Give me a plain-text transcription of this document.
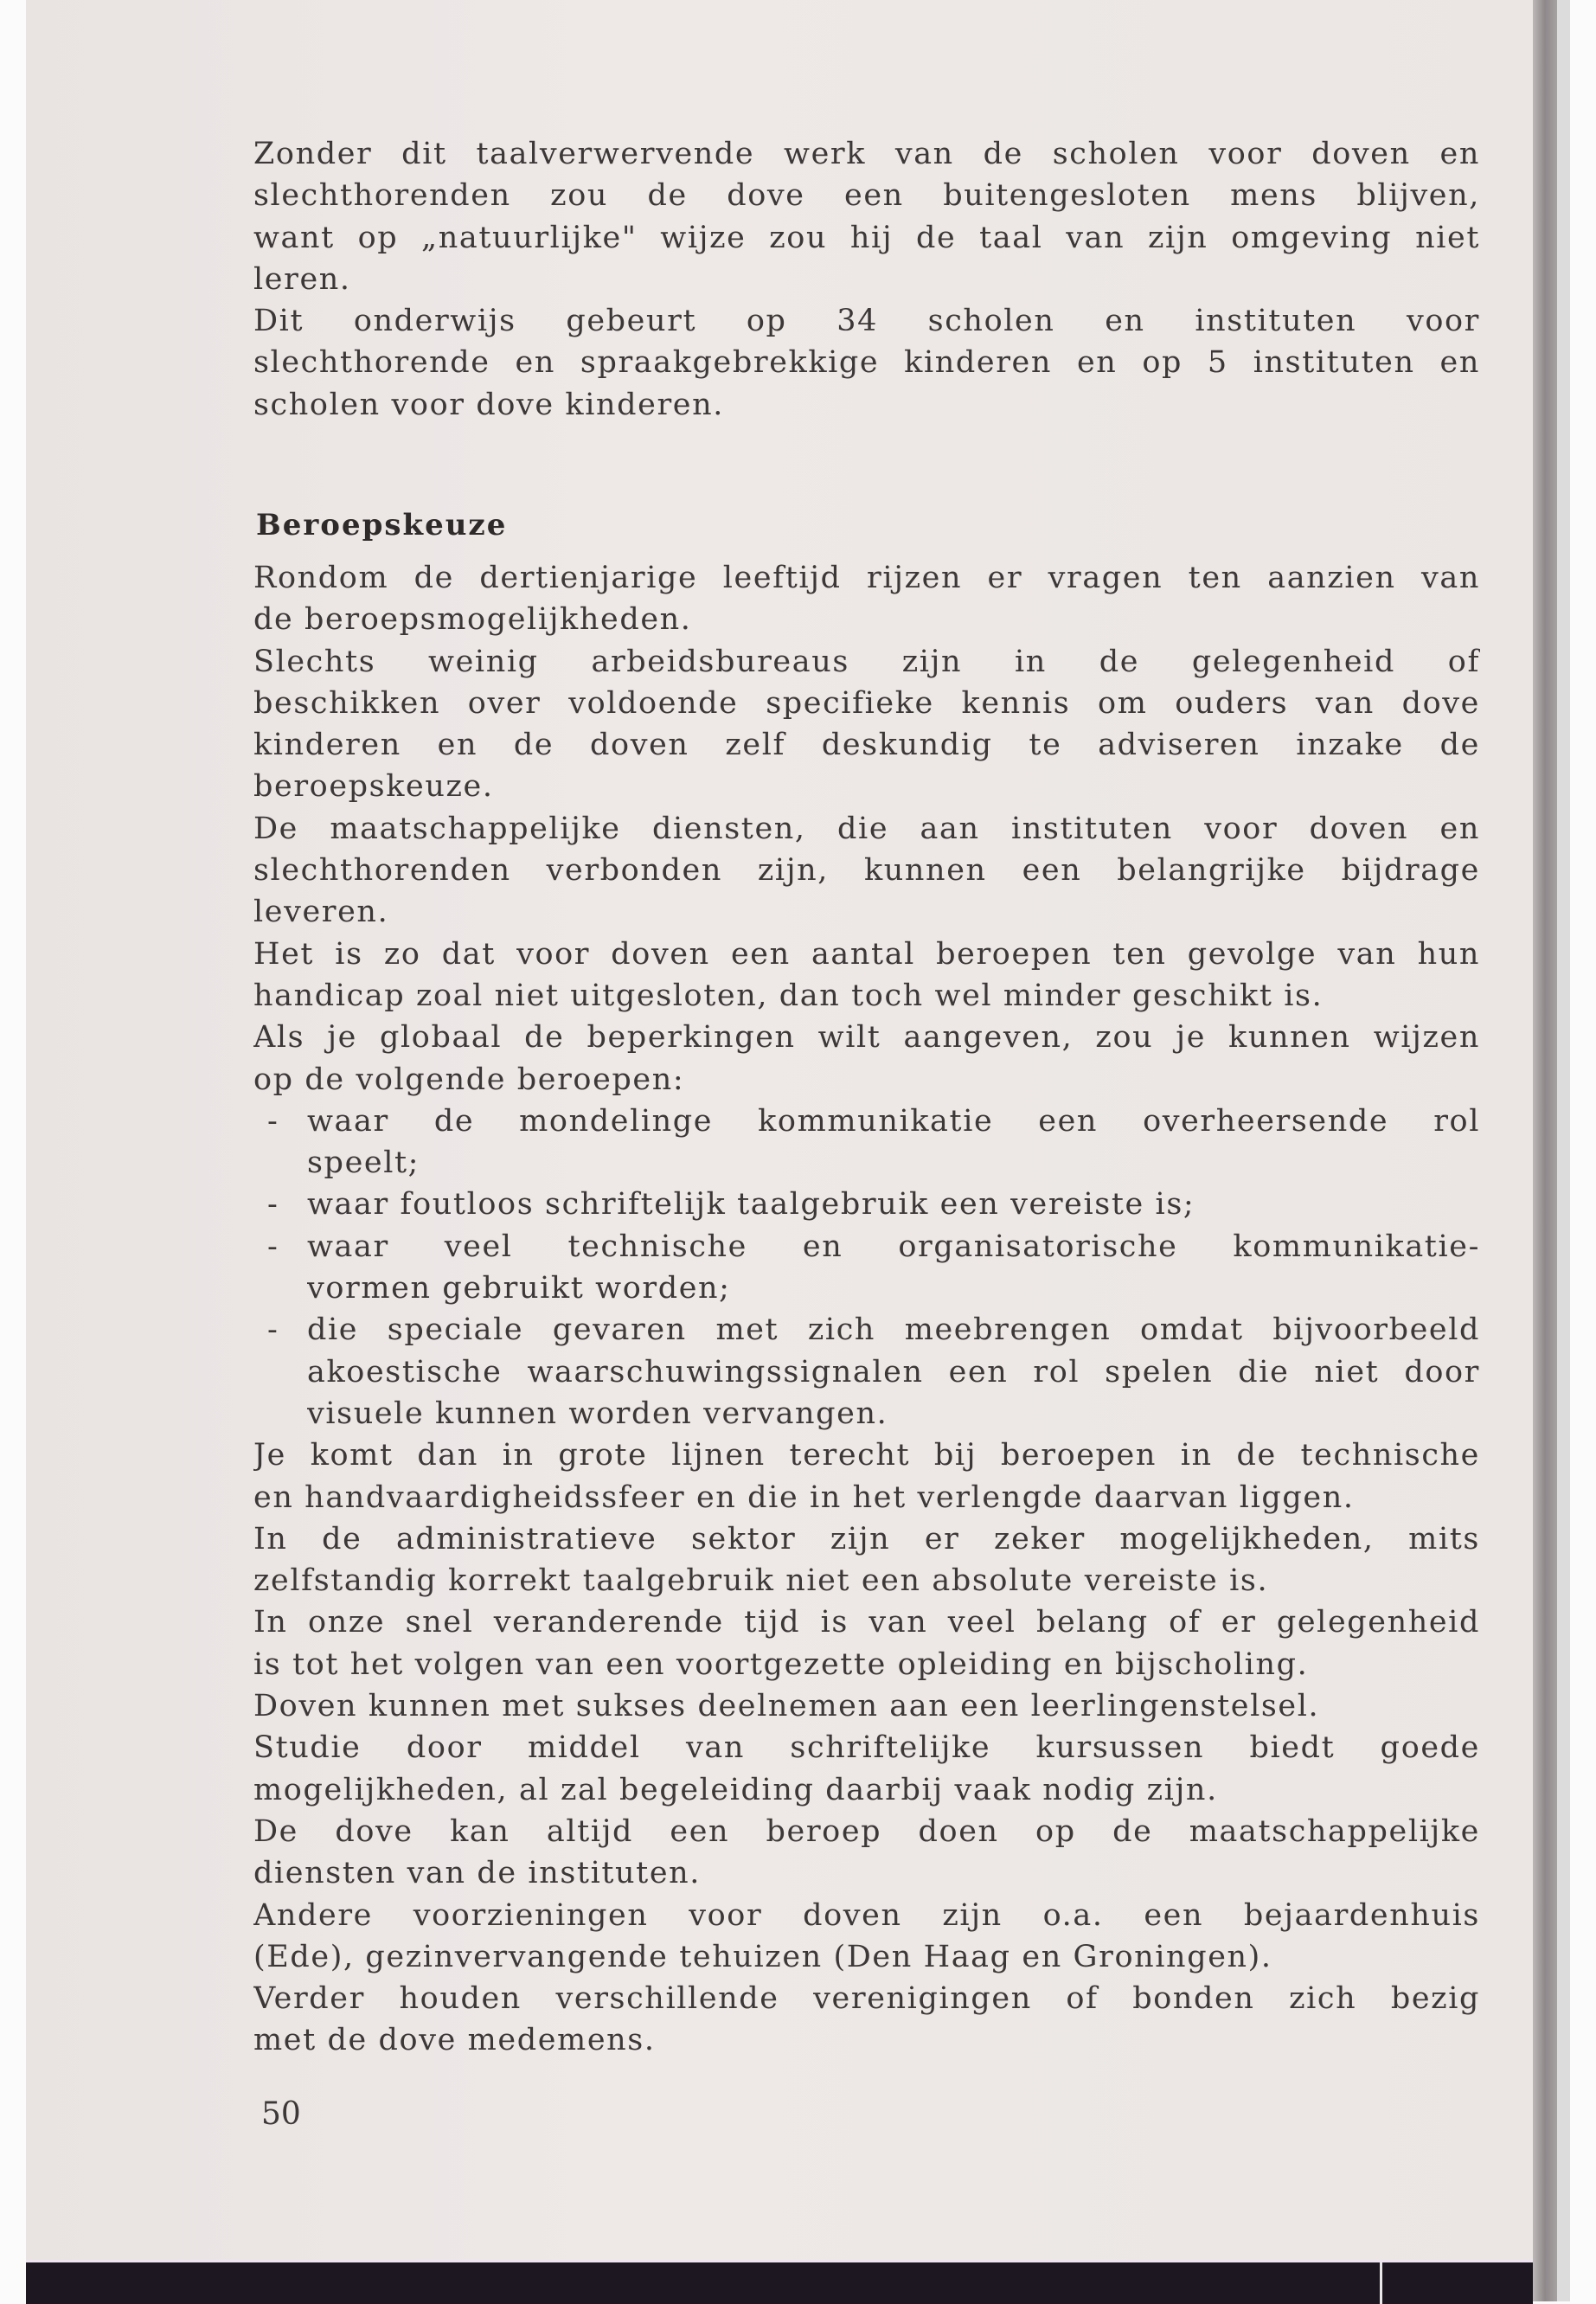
Zonder dit taalverwervende werk van de scholen voor doven en
slechthorenden zou de dove een buitengesloten mens blijven,
want op „natuurlijke" wijze zou hij de taal van zijn omgeving niet
leren.
Dit onderwijs gebeurt op 34 scholen en instituten voor
slechthorende en spraakgebrekkige kinderen en op 5 instituten en
scholen voor dove kinderen.
Beroepskeuze
Rondom de dertienjarige leeftijd rijzen er vragen ten aanzien van
de beroepsmogelijkheden.
Slechts weinig arbeidsbureaus zijn in de gelegenheid of
beschikken over voldoende specifieke kennis om ouders van dove
kinderen en de doven zelf deskundig te adviseren inzake de
beroepskeuze.
De maatschappelijke diensten, die aan instituten voor doven en
slechthorenden verbonden zijn, kunnen een belangrijke bijdrage
leveren.
Het is zo dat voor doven een aantal beroepen ten gevolge van hun
handicap zoal niet uitgesloten, dan toch wel minder geschikt is.
Als je globaal de beperkingen wilt aangeven, zou je kunnen wijzen
op de volgende beroepen:
- waar de mondelinge kommunikatie een overheersende rol
speelt;
- waar foutloos schriftelijk taalgebruik een vereiste is;
- waar veel technische en organisatorische kommunikatie-
vormen gebruikt worden;
- die speciale gevaren met zich meebrengen omdat bijvoorbeeld
akoestische waarschuwingssignalen een rol spelen die niet door
visuele kunnen worden vervangen.
Je komt dan in grote lijnen terecht bij beroepen in de technische
en handvaardigheidssfeer en die in het verlengde daarvan liggen.
In de administratieve sektor zijn er zeker mogelijkheden, mits
zelfstandig korrekt taalgebruik niet een absolute vereiste is.
In onze snel veranderende tijd is van veel belang of er gelegenheid
is tot het volgen van een voortgezette opleiding en bijscholing.
Doven kunnen met sukses deelnemen aan een leerlingenstelsel.
Studie door middel van schriftelijke kursussen biedt goede
mogelijkheden, al zal begeleiding daarbij vaak nodig zijn.
De dove kan altijd een beroep doen op de maatschappelijke
diensten van de instituten.
Andere voorzieningen voor doven zijn o.a. een bejaardenhuis
(Ede), gezinvervangende tehuizen (Den Haag en Groningen).
Verder houden verschillende verenigingen of bonden zich bezig
met de dove medemens.
50
